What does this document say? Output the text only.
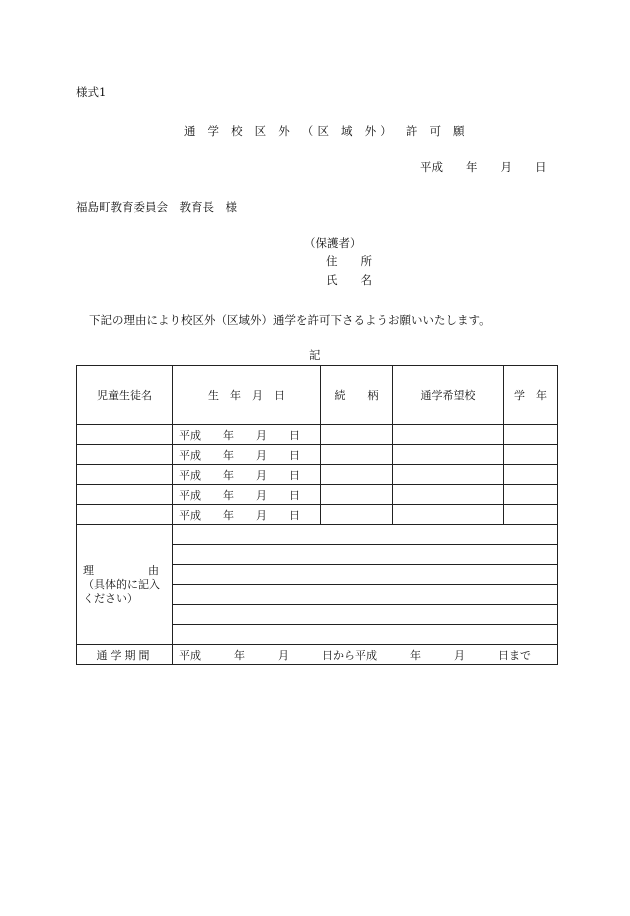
様式1
通 学 校 区 外 （区 域 外）　許 可 願
平成　　年　　月　　日
福島町教育委員会　教育長　様
（保護者）
住　　所
氏　　名
下記の理由により校区外（区域外）通学を許可下さるようお願いいたします。
記
児童生徒名	生　年　月　日	続　　柄	通学希望校	学　年
	平成　　年　　月　　日			
	平成　　年　　月　　日			
	平成　　年　　月　　日			
	平成　　年　　月　　日			
	平成　　年　　月　　日			

理 由
（具体的に記入ください）				

通学期間	平成　　　年　　　月　　　日から平成　　　年　　　月　　　日まで			
